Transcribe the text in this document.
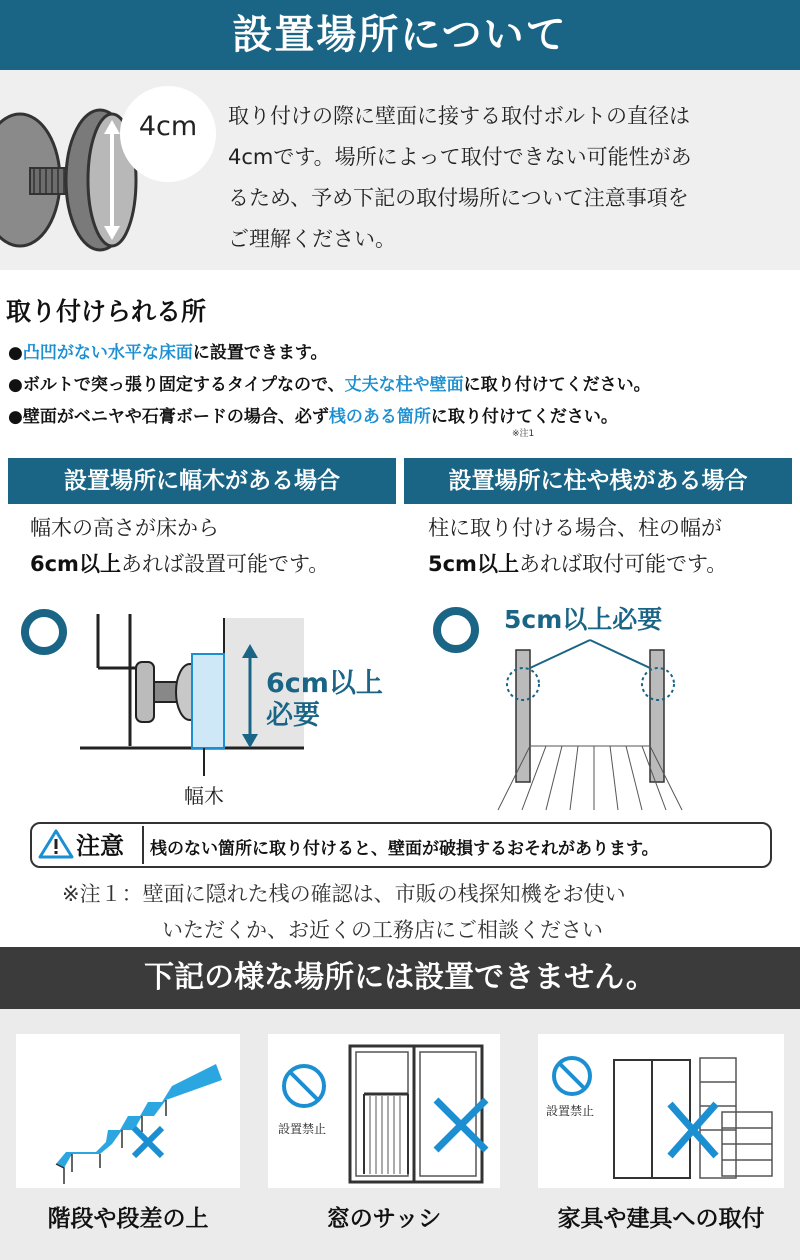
設置場所について
4cm	取り付けの際に壁面に接する取付ボルトの直径は
4cmです。場所によって取付できない可能性があ
るため、予め下記の取付場所について注意事項を
ご理解ください。
取り付けられる所
●凸凹がない水平な床面に設置できます。
●ボルトで突っ張り固定するタイプなので、丈夫な柱や壁面に取り付けてください。
●壁面がベニヤや石膏ボードの場合、必ず桟のある箇所に取り付けてください。
※注1
設置場所に幅木がある場合	設置場所に柱や桟がある場合
幅木の高さが床から
6cm以上あれば設置可能です。
柱に取り付ける場合、柱の幅が
5cm以上あれば取付可能です。
6cm以上
必要
幅木
5cm以上必要
注意 桟のない箇所に取り付けると、壁面が破損するおそれがあります。
※注１：壁面に隠れた桟の確認は、市販の桟探知機をお使い
いただくか、お近くの工務店にご相談ください
下記の様な場所には設置できません。
階段や段差の上
設置禁止
窓のサッシ
設置禁止
家具や建具への取付
